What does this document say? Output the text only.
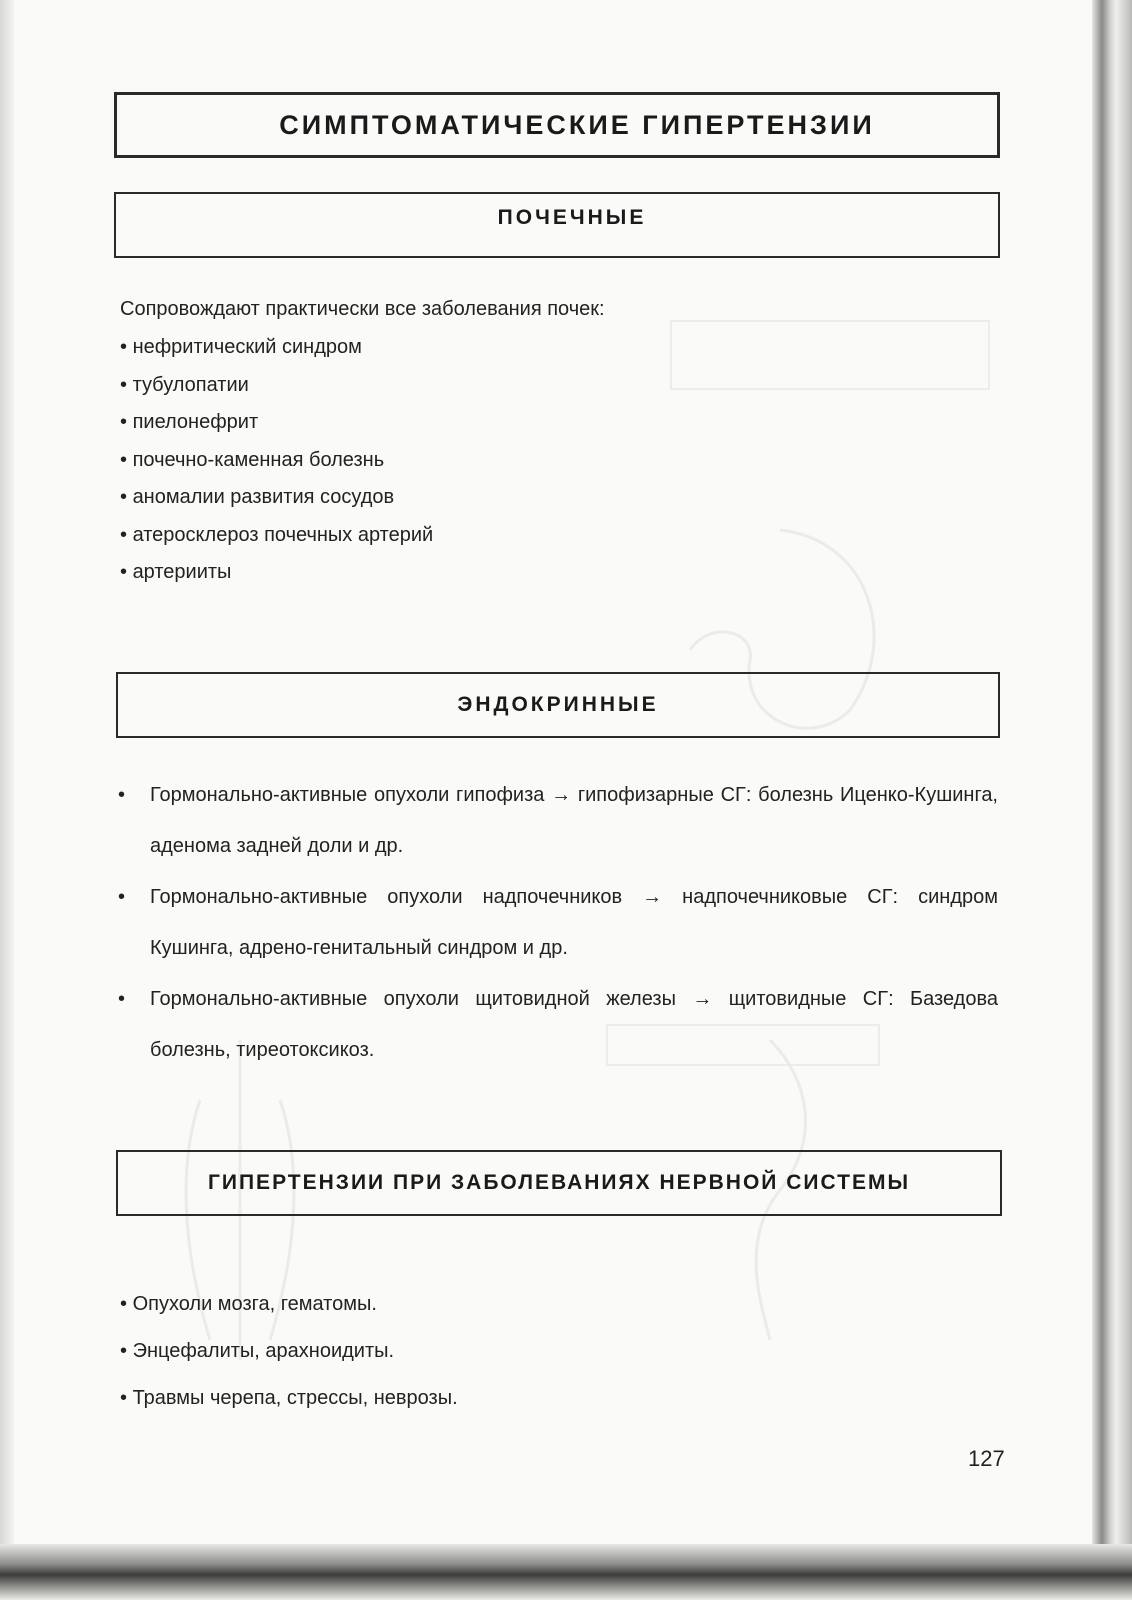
СИМПТОМАТИЧЕСКИЕ ГИПЕРТЕНЗИИ
ПОЧЕЧНЫЕ
Сопровождают практически все заболевания почек:
• нефритический синдром
• тубулопатии
• пиелонефрит
• почечно-каменная болезнь
• аномалии развития сосудов
• атеросклероз почечных артерий
• артерииты
ЭНДОКРИННЫЕ
• Гормонально-активные опухоли гипофиза → гипофизарные СГ: болезнь Иценко-Кушинга, аденома задней доли и др.
• Гормонально-активные опухоли надпочечников → надпочечниковые СГ: синдром Кушинга, адрено-генитальный синдром и др.
• Гормонально-активные опухоли щитовидной железы → щитовидные СГ: Базедова болезнь, тиреотоксикоз.
ГИПЕРТЕНЗИИ ПРИ ЗАБОЛЕВАНИЯХ НЕРВНОЙ СИСТЕМЫ
• Опухоли мозга, гематомы.
• Энцефалиты, арахноидиты.
• Травмы черепа, стрессы, неврозы.
127
